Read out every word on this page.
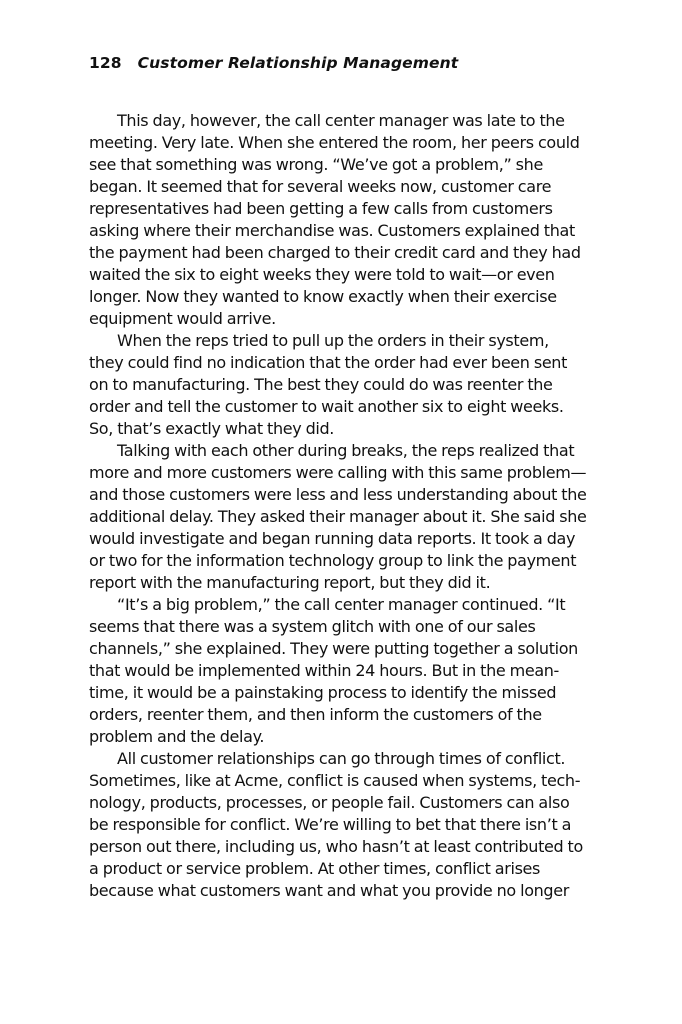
128 Customer Relationship Management
This day, however, the call center manager was late to the
meeting. Very late. When she entered the room, her peers could
see that something was wrong. “We’ve got a problem,” she
began. It seemed that for several weeks now, customer care
representatives had been getting a few calls from customers
asking where their merchandise was. Customers explained that
the payment had been charged to their credit card and they had
waited the six to eight weeks they were told to wait—or even
longer. Now they wanted to know exactly when their exercise
equipment would arrive.
When the reps tried to pull up the orders in their system,
they could find no indication that the order had ever been sent
on to manufacturing. The best they could do was reenter the
order and tell the customer to wait another six to eight weeks.
So, that’s exactly what they did.
Talking with each other during breaks, the reps realized that
more and more customers were calling with this same problem—
and those customers were less and less understanding about the
additional delay. They asked their manager about it. She said she
would investigate and began running data reports. It took a day
or two for the information technology group to link the payment
report with the manufacturing report, but they did it.
“It’s a big problem,” the call center manager continued. “It
seems that there was a system glitch with one of our sales
channels,” she explained. They were putting together a solution
that would be implemented within 24 hours. But in the mean-
time, it would be a painstaking process to identify the missed
orders, reenter them, and then inform the customers of the
problem and the delay.
All customer relationships can go through times of conflict.
Sometimes, like at Acme, conflict is caused when systems, tech-
nology, products, processes, or people fail. Customers can also
be responsible for conflict. We’re willing to bet that there isn’t a
person out there, including us, who hasn’t at least contributed to
a product or service problem. At other times, conflict arises
because what customers want and what you provide no longer
